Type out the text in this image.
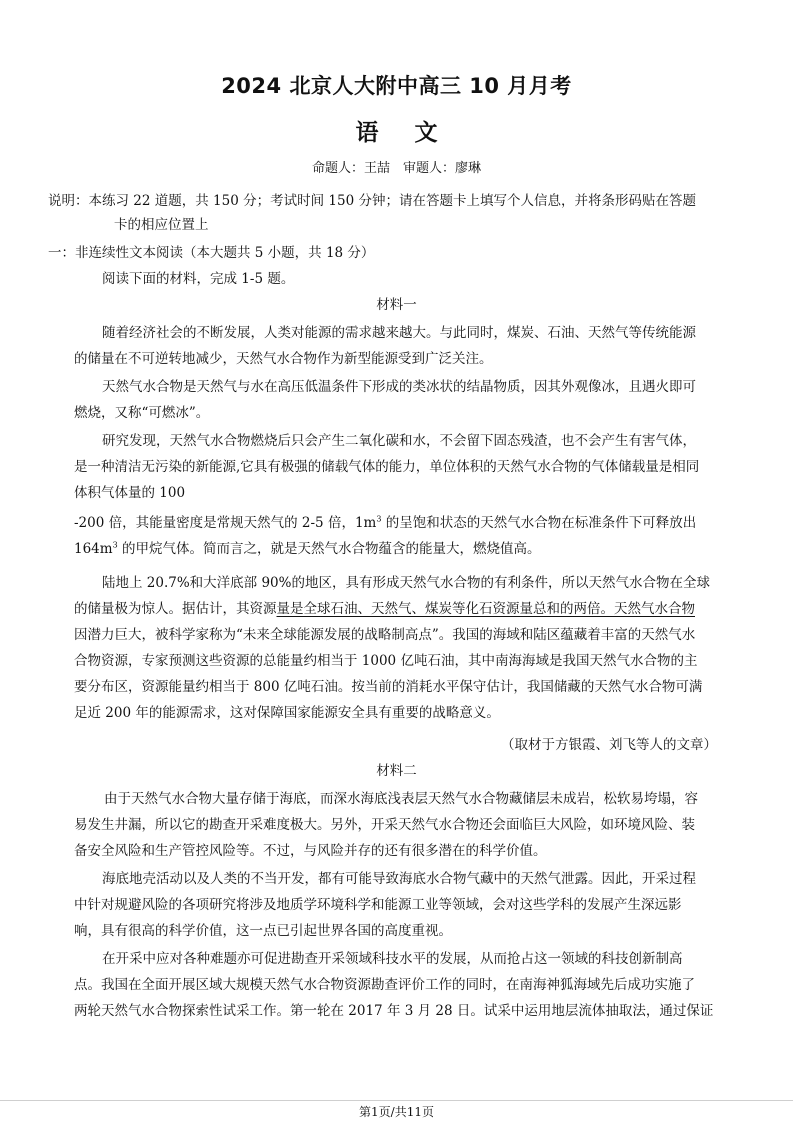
2024 北京人大附中高三 10 月月考
语文
命题人：王喆　审题人：廖琳
说明：本练习 22 道题，共 150 分；考试时间 150 分钟；请在答题卡上填写个人信息，并将条形码贴在答题
卡的相应位置上
一：非连续性文本阅读（本大题共 5 小题，共 18 分）
阅读下面的材料，完成 1-5 题。
材料一
随着经济社会的不断发展，人类对能源的需求越来越大。与此同时，煤炭、石油、天然气等传统能源
的储量在不可逆转地减少，天然气水合物作为新型能源受到广泛关注。
天然气水合物是天然气与水在高压低温条件下形成的类冰状的结晶物质，因其外观像冰，且遇火即可
燃烧，又称“可燃冰”。
研究发现，天然气水合物燃烧后只会产生二氧化碳和水，不会留下固态残渣，也不会产生有害气体，
是一种清洁无污染的新能源,它具有极强的储载气体的能力，单位体积的天然气水合物的气体储载量是相同
体积气体量的 100
-200 倍，其能量密度是常规天然气的 2-5 倍，$1m^3$ 的呈饱和状态的天然气水合物在标准条件下可释放出
$164m^3$ 的甲烷气体。简而言之，就是天然气水合物蕴含的能量大，燃烧值高。
陆地上 20.7%和大洋底部 90%的地区，具有形成天然气水合物的有利条件，所以天然气水合物在全球
的储量极为惊人。据估计，其资源量是全球石油、天然气、煤炭等化石资源量总和的两倍。天然气水合物
因潜力巨大，被科学家称为“未来全球能源发展的战略制高点”。我国的海域和陆区蕴藏着丰富的天然气水
合物资源，专家预测这些资源的总能量约相当于 1000 亿吨石油，其中南海海域是我国天然气水合物的主
要分布区，资源能量约相当于 800 亿吨石油。按当前的消耗水平保守估计，我国储藏的天然气水合物可满
足近 200 年的能源需求，这对保障国家能源安全具有重要的战略意义。
（取材于方银霞、刘飞等人的文章）
材料二
由于天然气水合物大量存储于海底，而深水海底浅表层天然气水合物藏储层未成岩，松软易垮塌，容
易发生井漏，所以它的勘查开采难度极大。另外，开采天然气水合物还会面临巨大风险，如环境风险、装
备安全风险和生产管控风险等。不过，与风险并存的还有很多潜在的科学价值。
海底地壳活动以及人类的不当开发，都有可能导致海底水合物气藏中的天然气泄露。因此，开采过程
中针对规避风险的各项研究将涉及地质学环境科学和能源工业等领域，会对这些学科的发展产生深远影
响，具有很高的科学价值，这一点已引起世界各国的高度重视。
在开采中应对各种难题亦可促进勘查开采领域科技水平的发展，从而抢占这一领域的科技创新制高
点。我国在全面开展区域大规模天然气水合物资源勘查评价工作的同时，在南海神狐海域先后成功实施了
两轮天然气水合物探索性试采工作。第一轮在 2017 年 3 月 28 日。试采中运用地层流体抽取法，通过保证
第1页/共11页
